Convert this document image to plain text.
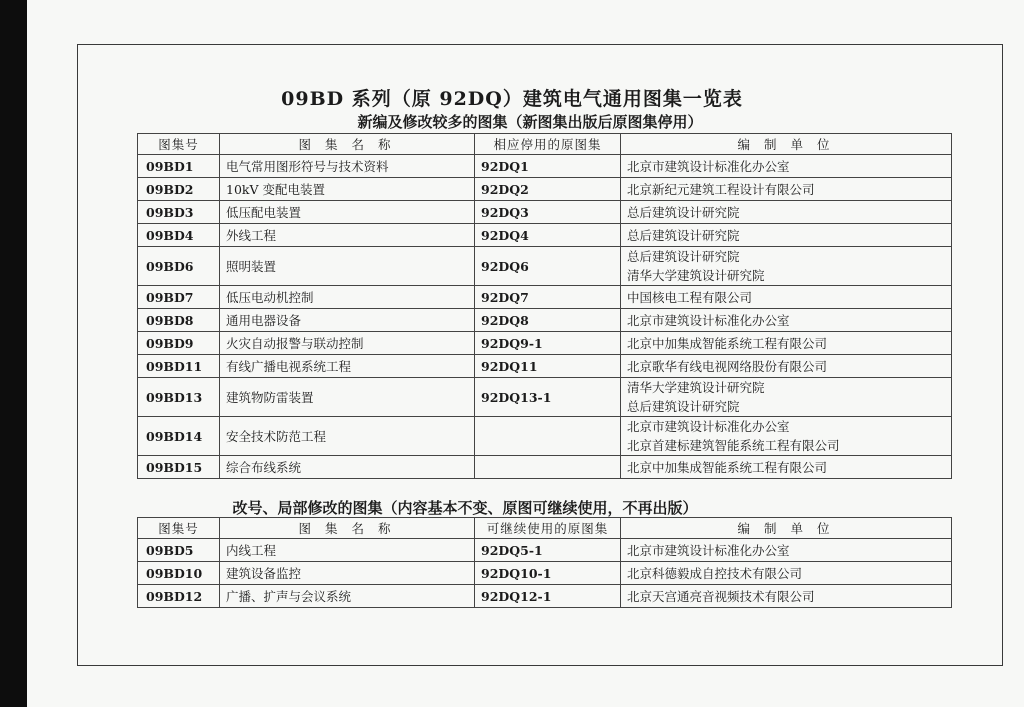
09BD 系列（原 92DQ）建筑电气通用图集一览表
新编及修改较多的图集（新图集出版后原图集停用）
图集号	图 集 名 称	相应停用的原图集	编 制 单 位
09BD1	电气常用图形符号与技术资料	92DQ1	北京市建筑设计标准化办公室

09BD2	10kV 变配电装置	92DQ2	北京新纪元建筑工程设计有限公司

09BD3	低压配电装置	92DQ3	总后建筑设计研究院

09BD4	外线工程	92DQ4	总后建筑设计研究院

09BD6	照明装置	92DQ6	总后建筑设计研究院
清华大学建筑设计研究院

09BD7	低压电动机控制	92DQ7	中国核电工程有限公司

09BD8	通用电器设备	92DQ8	北京市建筑设计标准化办公室

09BD9	火灾自动报警与联动控制	92DQ9-1	北京中加集成智能系统工程有限公司

09BD11	有线广播电视系统工程	92DQ11	北京歌华有线电视网络股份有限公司

09BD13	建筑物防雷装置	92DQ13-1	清华大学建筑设计研究院
总后建筑设计研究院

09BD14	安全技术防范工程		北京市建筑设计标准化办公室
北京首建标建筑智能系统工程有限公司

09BD15	综合布线系统		北京中加集成智能系统工程有限公司
改号、局部修改的图集（内容基本不变、原图可继续使用，不再出版）
图集号	图 集 名 称	可继续使用的原图集	编 制 单 位
09BD5	内线工程	92DQ5-1	北京市建筑设计标准化办公室

09BD10	建筑设备监控	92DQ10-1	北京科德毅成自控技术有限公司

09BD12	广播、扩声与会议系统	92DQ12-1	北京天宫通亮音视频技术有限公司
